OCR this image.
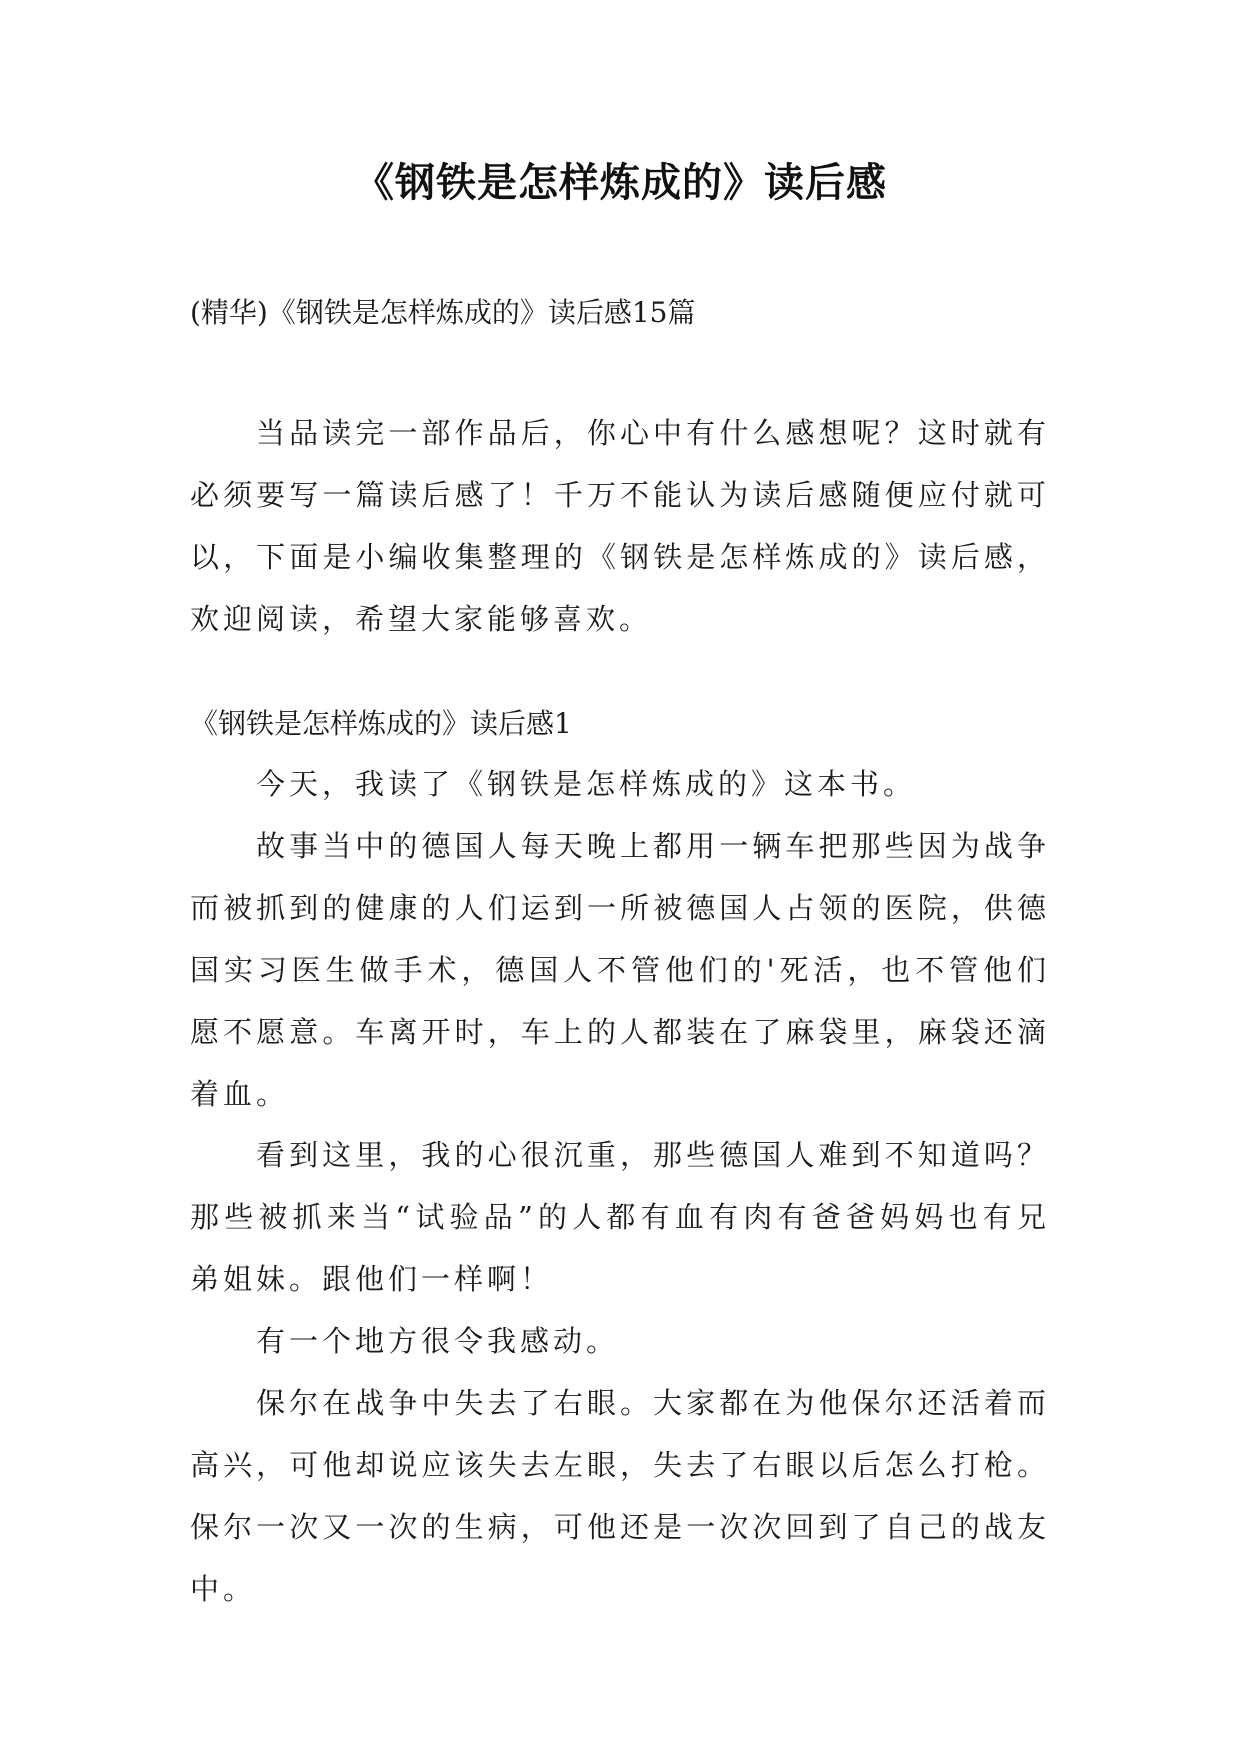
《钢铁是怎样炼成的》读后感

(精华)《钢铁是怎样炼成的》读后感15篇

当品读完一部作品后，你心中有什么感想呢？这时就有必须要写一篇读后感了！千万不能认为读后感随便应付就可以，下面是小编收集整理的《钢铁是怎样炼成的》读后感，欢迎阅读，希望大家能够喜欢。

《钢铁是怎样炼成的》读后感1

今天，我读了《钢铁是怎样炼成的》这本书。

故事当中的德国人每天晚上都用一辆车把那些因为战争而被抓到的健康的人们运到一所被德国人占领的医院，供德国实习医生做手术，德国人不管他们的'死活，也不管他们愿不愿意。车离开时，车上的人都装在了麻袋里，麻袋还滴着血。

看到这里，我的心很沉重，那些德国人难到不知道吗？那些被抓来当“试验品”的人都有血有肉有爸爸妈妈也有兄弟姐妹。跟他们一样啊！

有一个地方很令我感动。

保尔在战争中失去了右眼。大家都在为他保尔还活着而高兴，可他却说应该失去左眼，失去了右眼以后怎么打枪。保尔一次又一次的生病，可他还是一次次回到了自己的战友中。
